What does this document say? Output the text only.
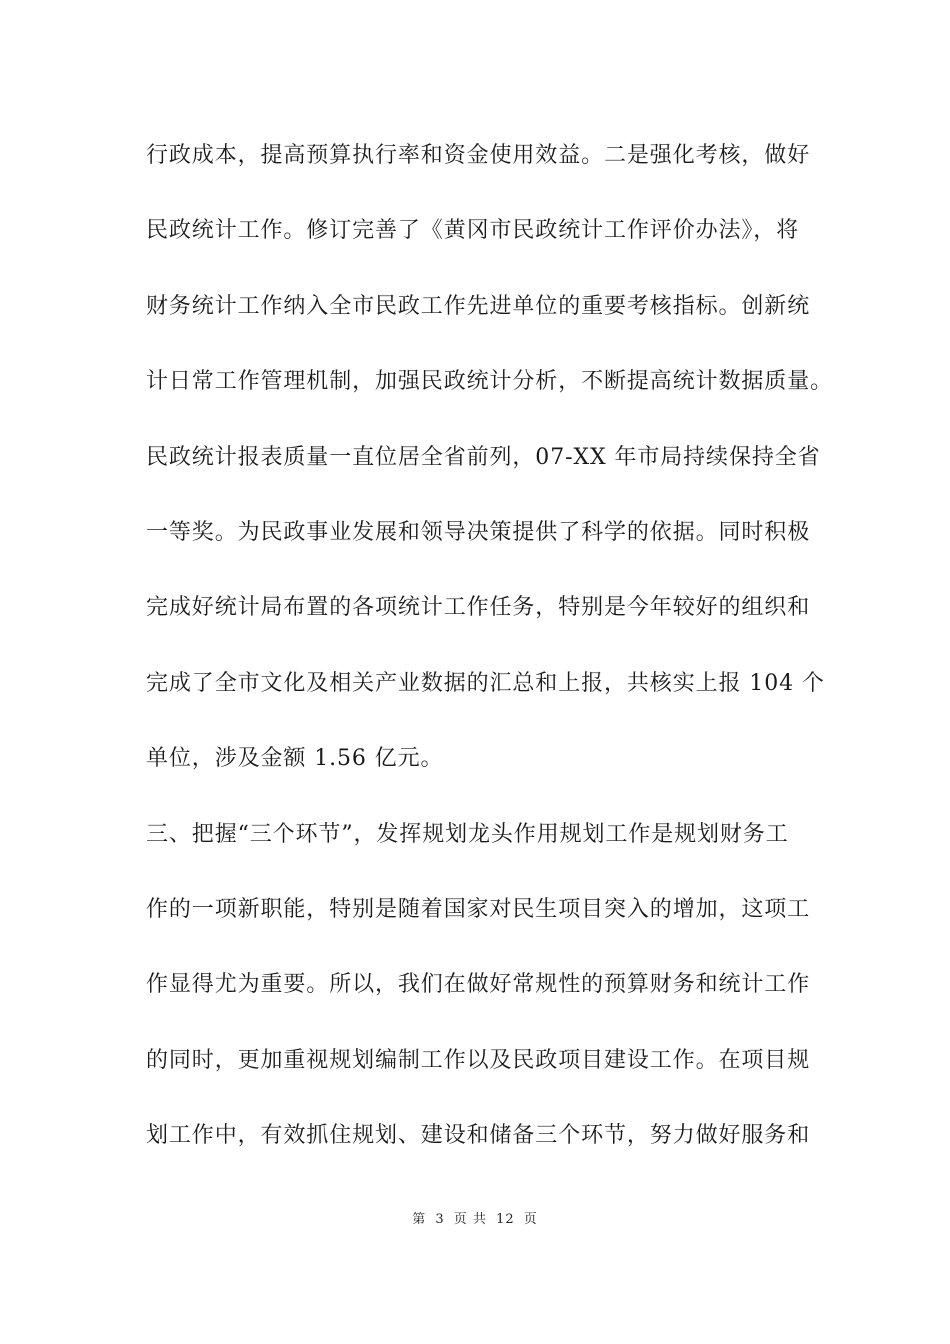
行政成本，提高预算执行率和资金使用效益。二是强化考核，做好
民政统计工作。修订完善了《黄冈市民政统计工作评价办法》，将
财务统计工作纳入全市民政工作先进单位的重要考核指标。创新统
计日常工作管理机制，加强民政统计分析，不断提高统计数据质量。
民政统计报表质量一直位居全省前列，07-XX 年市局持续保持全省
一等奖。为民政事业发展和领导决策提供了科学的依据。同时积极
完成好统计局布置的各项统计工作任务，特别是今年较好的组织和
完成了全市文化及相关产业数据的汇总和上报，共核实上报 104 个
单位，涉及金额 1.56 亿元。
三、把握“三个环节”，发挥规划龙头作用规划工作是规划财务工
作的一项新职能，特别是随着国家对民生项目突入的增加，这项工
作显得尤为重要。所以，我们在做好常规性的预算财务和统计工作
的同时，更加重视规划编制工作以及民政项目建设工作。在项目规
划工作中，有效抓住规划、建设和储备三个环节，努力做好服务和
第 3 页 共 12 页
